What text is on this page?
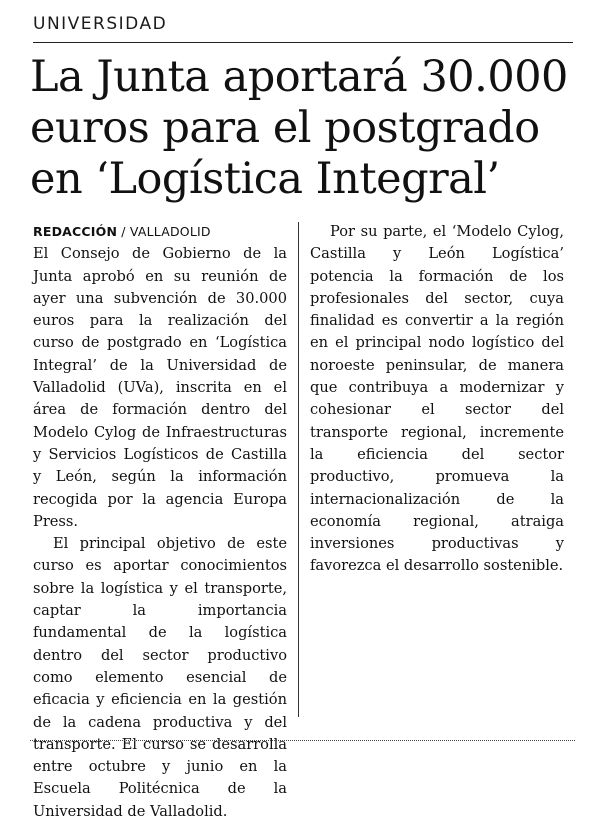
UNIVERSIDAD
La Junta aportará 30.000
euros para el postgrado
en ‘Logística Integral’
REDACCIÓN / VALLADOLID

El Consejo de Gobierno de la Junta aprobó en su reunión de ayer una subvención de 30.000 euros para la realización del curso de postgrado en ‘Logística Integral’ de la Universidad de Valladolid (UVa), inscrita en el área de formación dentro del Modelo Cylog de Infraestructuras y Servicios Logísticos de Castilla y León, según la información recogida por la agencia Europa Press.

El principal objetivo de este curso es aportar conocimientos sobre la logística y el transporte, captar la importancia fundamental de la logística dentro del sector productivo como elemento esencial de eficacia y eficiencia en la gestión de la cadena productiva y del transporte. El curso se desarrolla entre octubre y junio en la Escuela Politécnica de la Universidad de Valladolid.

Por su parte, el ‘Modelo Cylog, Castilla y León Logística’ potencia la formación de los profesionales del sector, cuya finalidad es convertir a la región en el principal nodo logístico del noroeste peninsular, de manera que contribuya a modernizar y cohesionar el sector del transporte regional, incremente la eficiencia del sector productivo, promueva la internacionalización de la economía regional, atraiga inversiones productivas y favorezca el desarrollo sostenible.
